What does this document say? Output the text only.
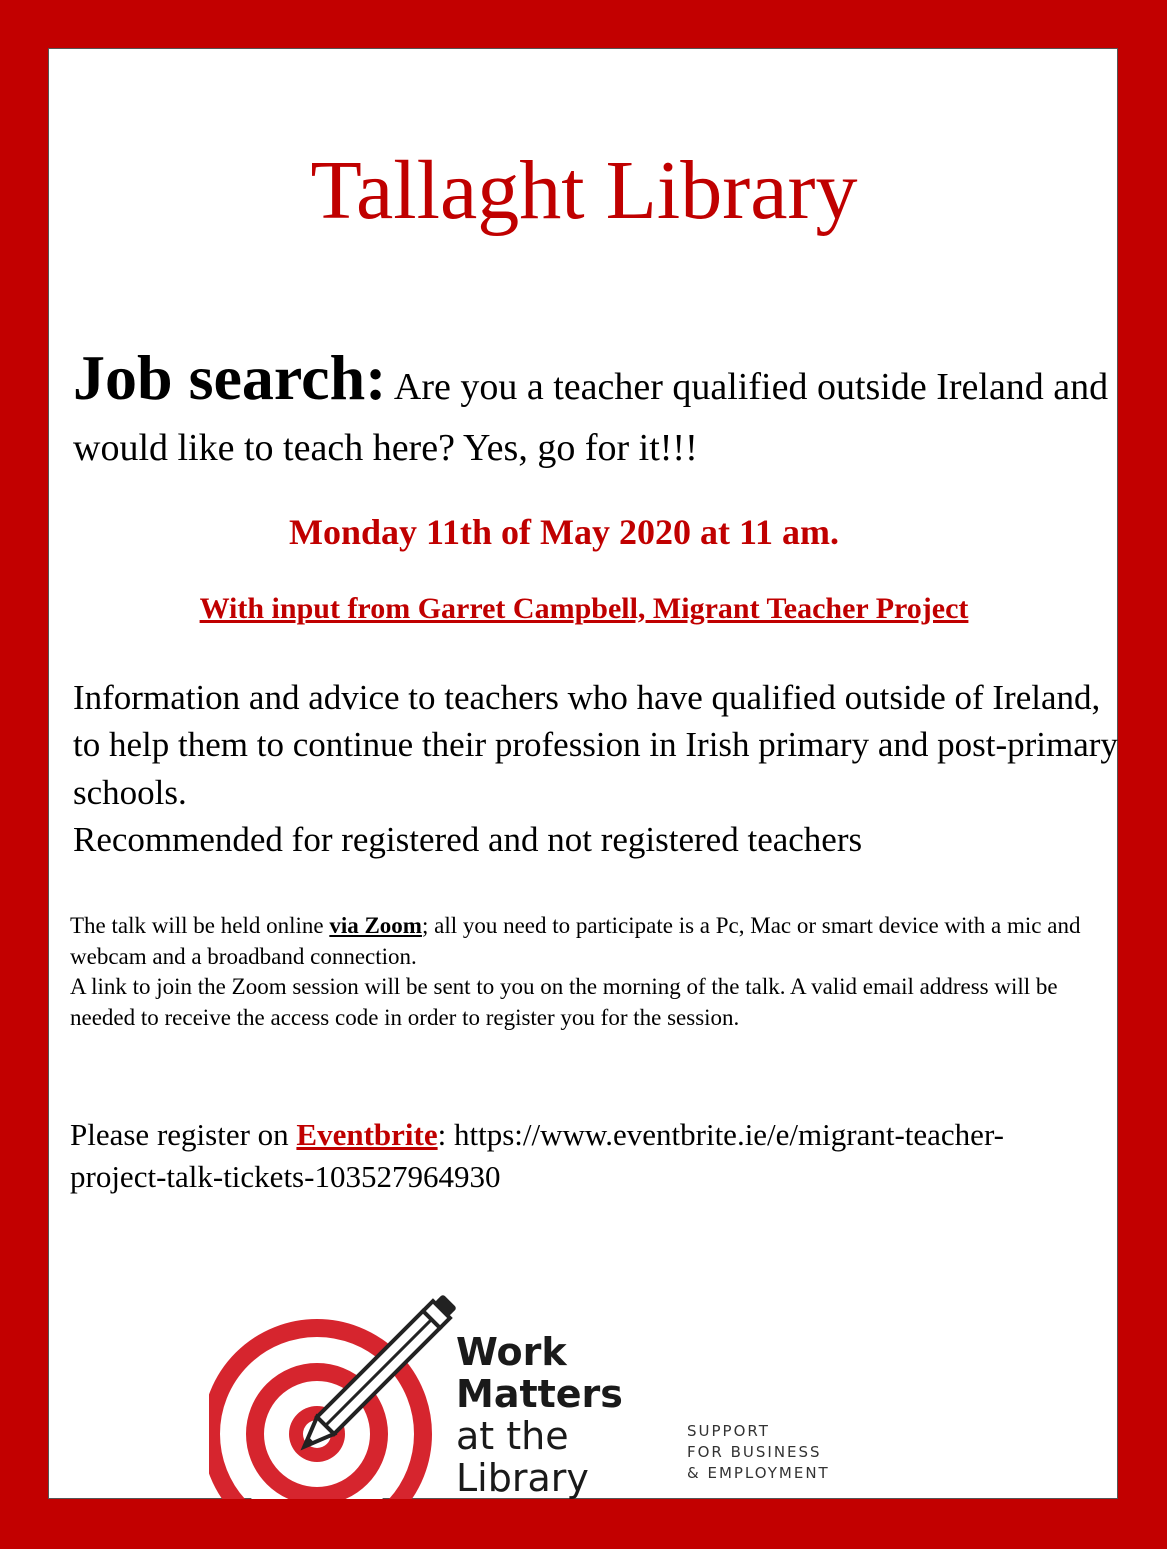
Tallaght Library
Job search: Are you a teacher qualified outside Ireland and would like to teach here? Yes, go for it!!!
Monday 11th of May 2020 at 11 am.
With input from Garret Campbell, Migrant Teacher Project

Information and advice to teachers who have qualified outside of Ireland, to help them to continue their profession in Irish primary and post-primary schools.

Recommended for registered and not registered teachers

The talk will be held online via Zoom; all you need to participate is a Pc, Mac or smart device with a mic and webcam and a broadband connection.

A link to join the Zoom session will be sent to you on the morning of the talk. A valid email address will be needed to receive the access code in order to register you for the session.

Please register on Eventbrite: https://www.eventbrite.ie/e/migrant-teacher-project-talk-tickets-103527964930
Work
Matters
at the
Library
SUPPORT
FOR BUSINESS
& EMPLOYMENT
